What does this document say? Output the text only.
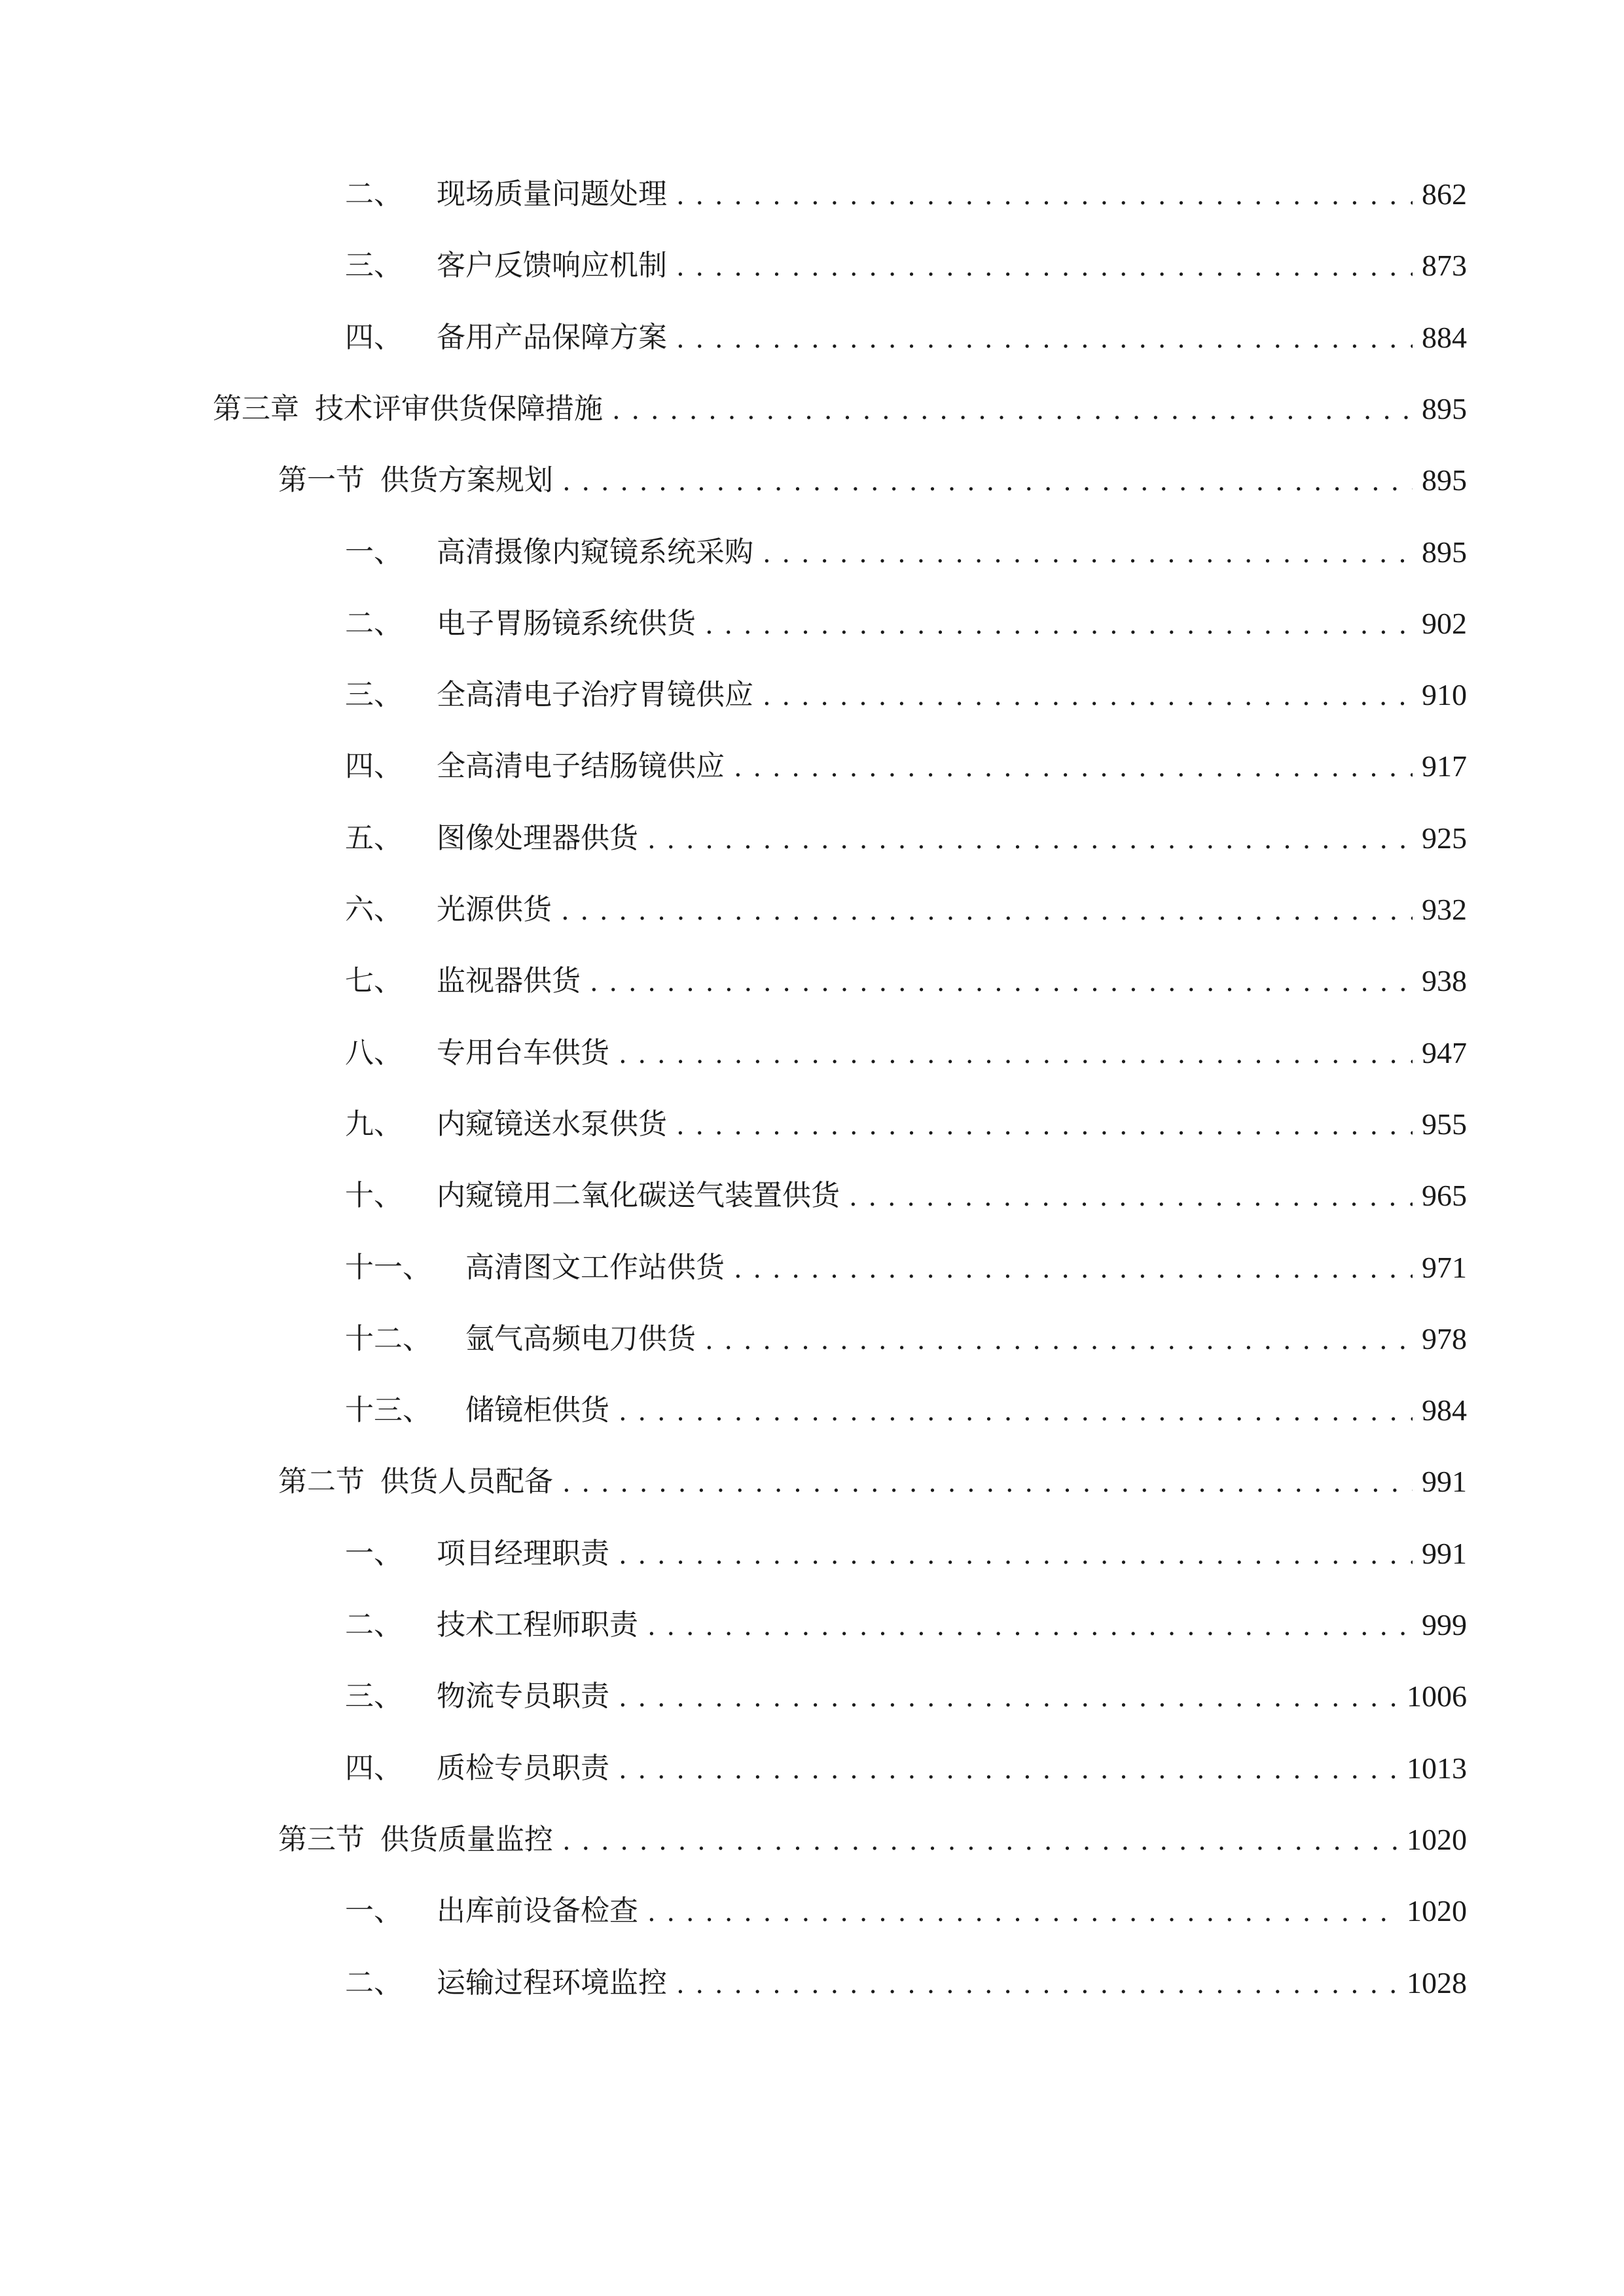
二、 现场质量问题处理 . . .	862
三、 客户反馈响应机制 . . .	873
四、 备用产品保障方案 . . .	884
第三章 技术评审供货保障措施 . . .	895
第一节 供货方案规划 . . .	895
一、 高清摄像内窥镜系统采购 . . .	895
二、 电子胃肠镜系统供货 . . .	902
三、 全高清电子治疗胃镜供应 . . .	910
四、 全高清电子结肠镜供应 . . .	917
五、 图像处理器供货 . . .	925
六、 光源供货 . . .	932
七、 监视器供货 . . .	938
八、 专用台车供货 . . .	947
九、 内窥镜送水泵供货 . . .	955
十、 内窥镜用二氧化碳送气装置供货 . . .	965
十一、 高清图文工作站供货 . . .	971
十二、 氩气高频电刀供货 . . .	978
十三、 储镜柜供货 . . .	984
第二节 供货人员配备 . . .	991
一、 项目经理职责 . . .	991
二、 技术工程师职责 . . .	999
三、 物流专员职责 . . .	1006
四、 质检专员职责 . . .	1013
第三节 供货质量监控 . . .	1020
一、 出库前设备检查 . . .	1020
二、 运输过程环境监控 . . .	1028
